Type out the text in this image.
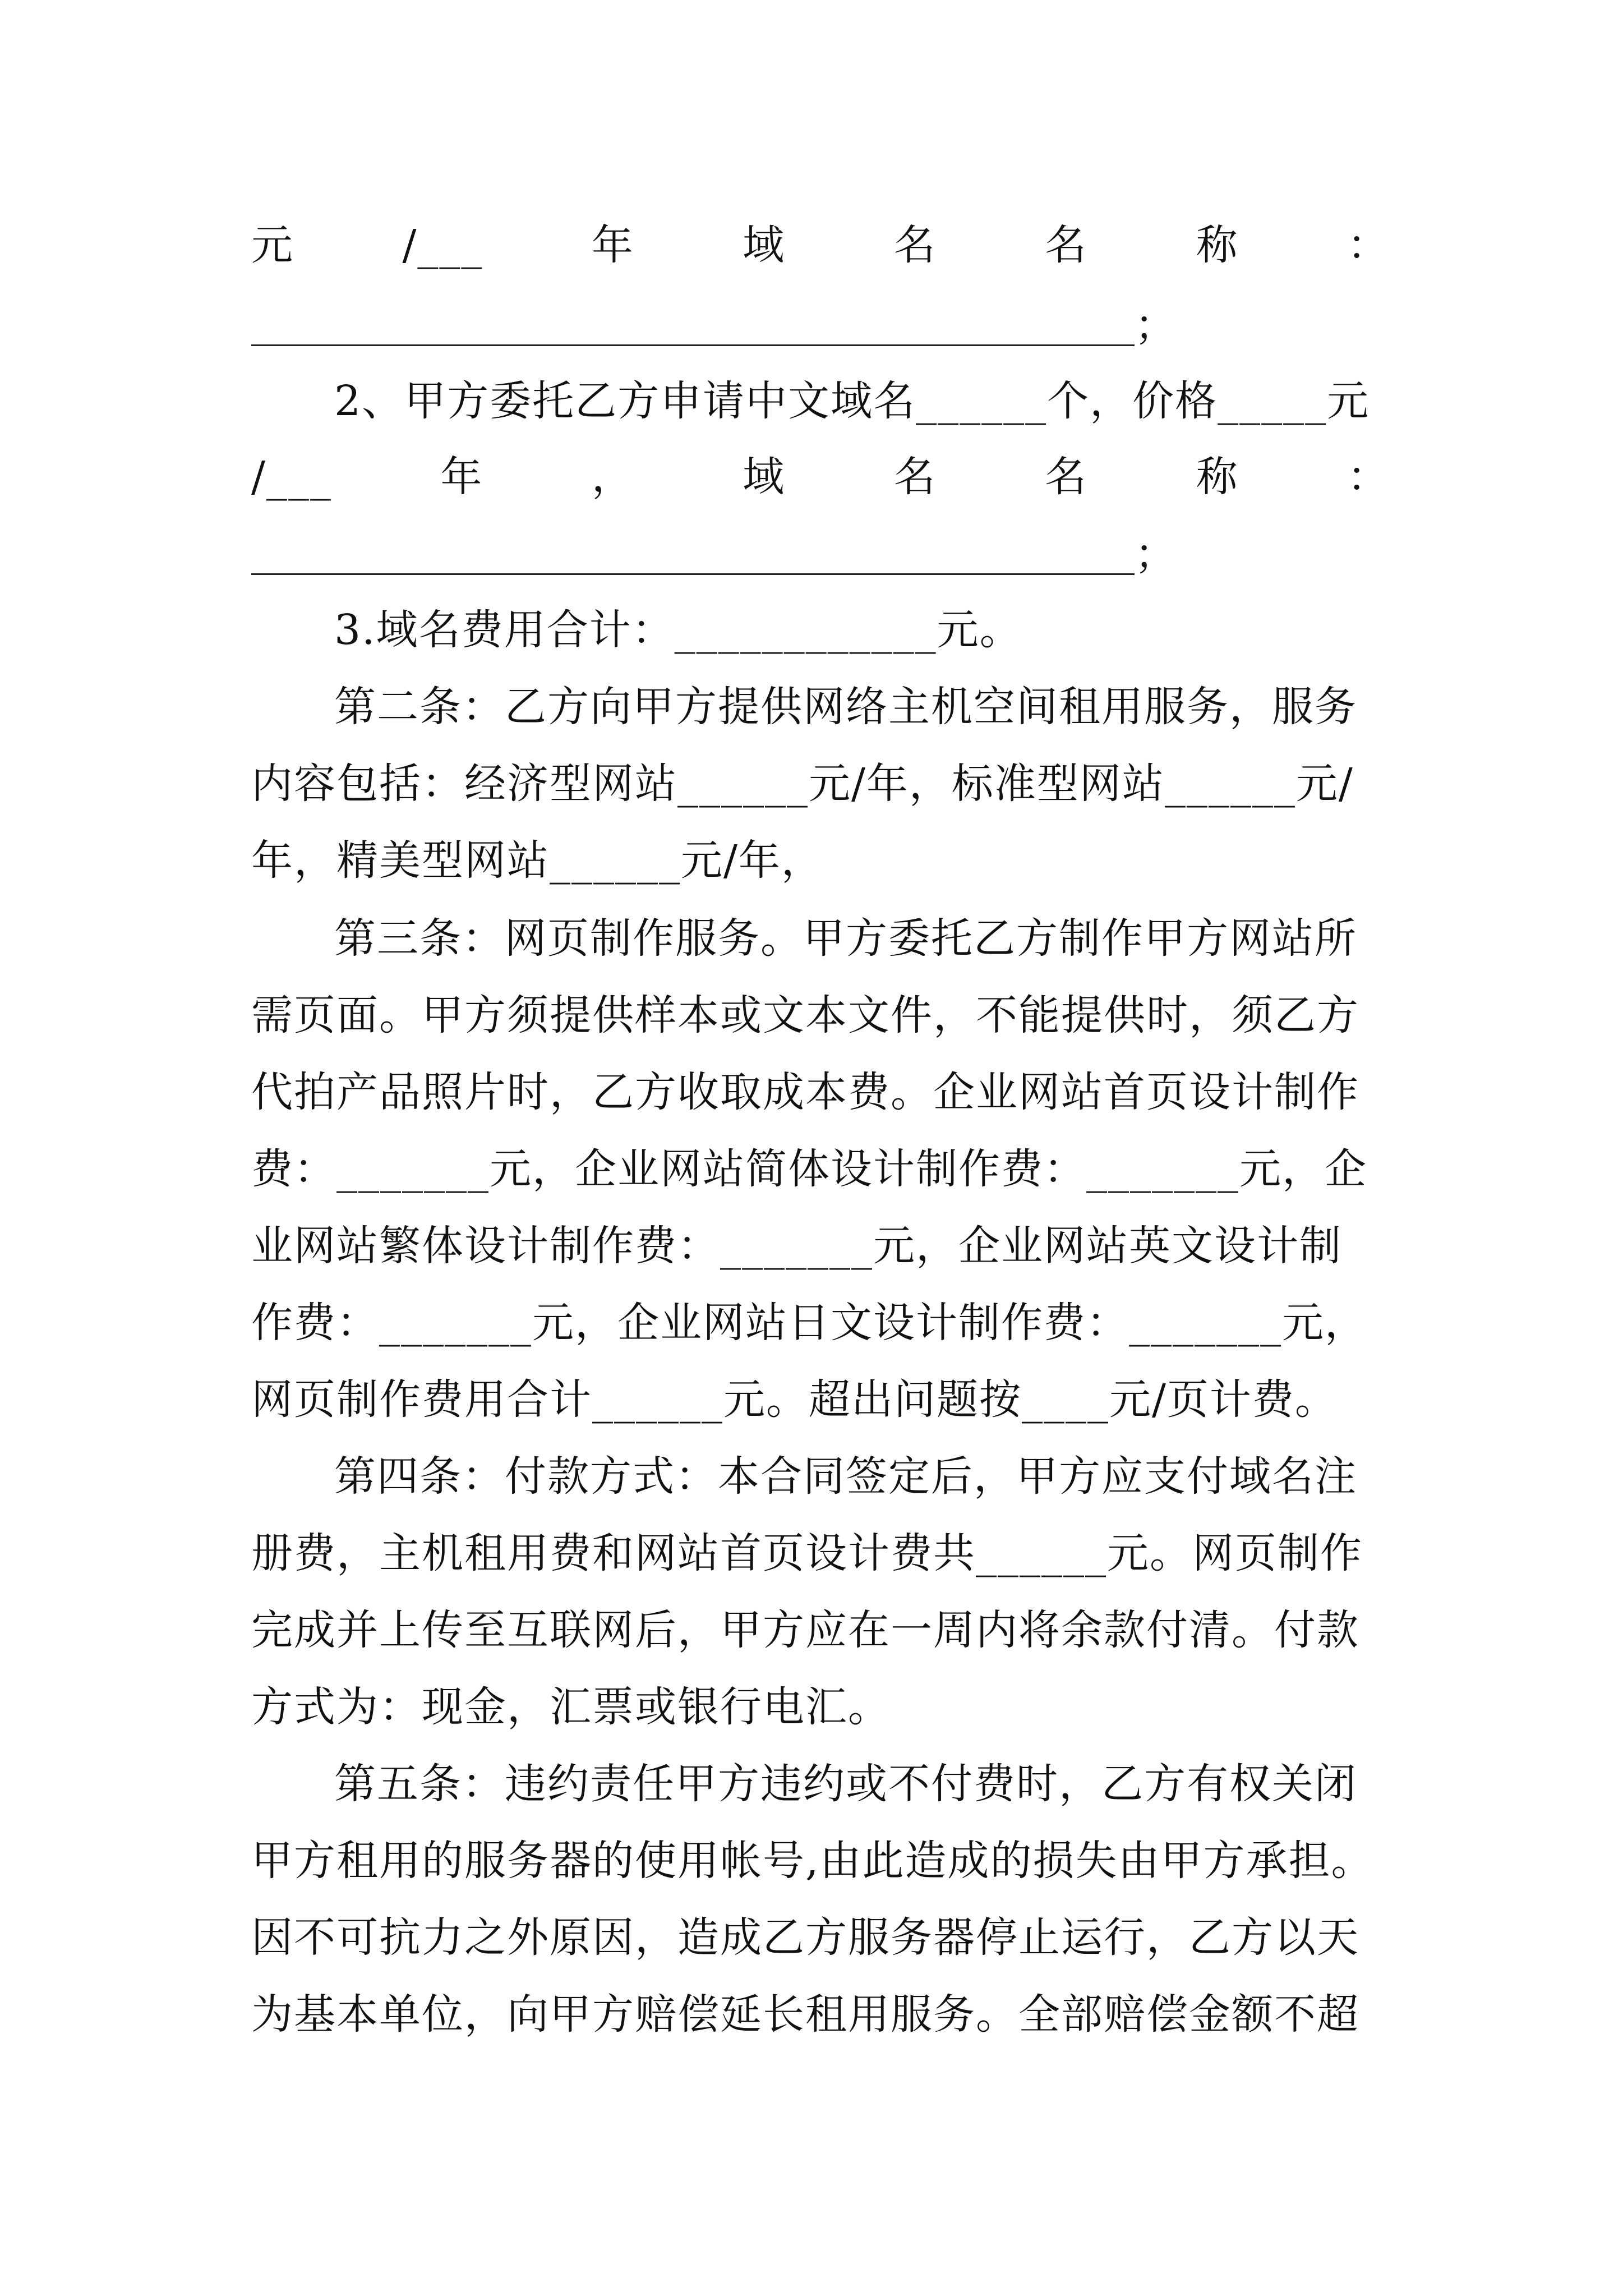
元	/___	年	域	名	名	称	：
；
2、甲方委托乙方申请中文域名______个，价格_____元
/___	年	，	域	名	名	称	：
；
3.域名费用合计：____________元。
第二条：乙方向甲方提供网络主机空间租用服务，服务
内容包括：经济型网站______元/年，标准型网站______元/
年，精美型网站______元/年，
第三条：网页制作服务。甲方委托乙方制作甲方网站所
需页面。甲方须提供样本或文本文件，不能提供时，须乙方
代拍产品照片时，乙方收取成本费。企业网站首页设计制作
费：_______元，企业网站简体设计制作费：_______元，企
业网站繁体设计制作费：_______元，企业网站英文设计制
作费：_______元，企业网站日文设计制作费：_______元，
网页制作费用合计______元。超出问题按____元/页计费。
第四条：付款方式：本合同签定后，甲方应支付域名注
册费，主机租用费和网站首页设计费共______元。网页制作
完成并上传至互联网后，甲方应在一周内将余款付清。付款
方式为：现金，汇票或银行电汇。
第五条：违约责任甲方违约或不付费时，乙方有权关闭
甲方租用的服务器的使用帐号,由此造成的损失由甲方承担。
因不可抗力之外原因，造成乙方服务器停止运行，乙方以天
为基本单位，向甲方赔偿延长租用服务。全部赔偿金额不超
